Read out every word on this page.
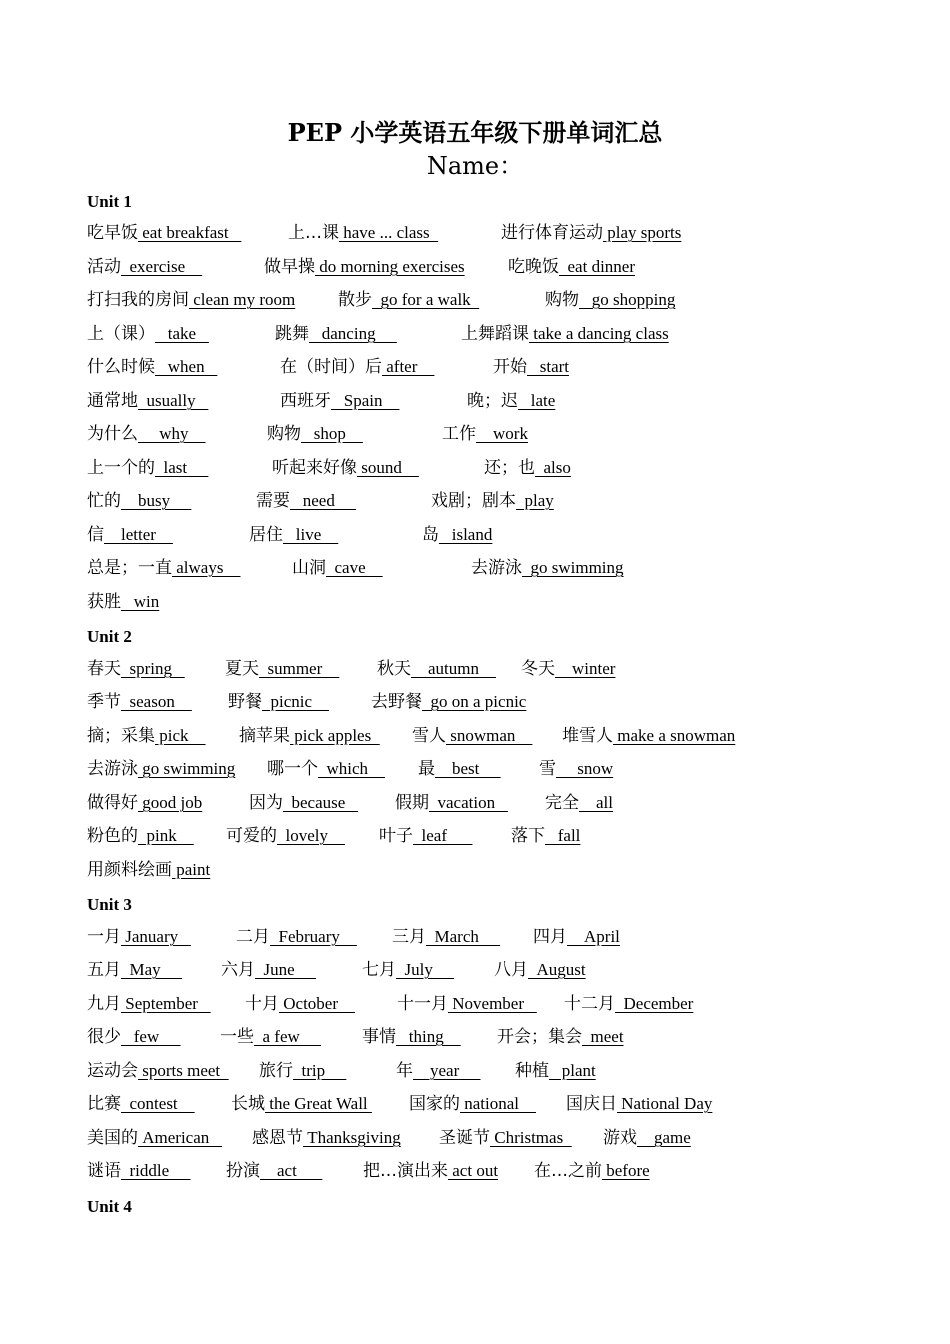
PEP 小学英语五年级下册单词汇总
Name：
Unit 1
吃早饭 eat breakfast	上…课 have ... class	进行体育运动 play sports
活动  exercise	做早操 do morning exercises	吃晚饭  eat dinner
打扫我的房间 clean my room	散步  go for a walk	购物   go shopping
上（课）   take	跳舞   dancing	上舞蹈课 take a dancing class
什么时候   when	在（时间）后 after	开始   start
通常地  usually	西班牙   Spain	晚；迟   late
为什么     why	购物   shop	工作    work
上一个的  last	听起来好像 sound	还；也  also
忙的    busy	需要   need	戏剧；剧本  play
信    letter	居住   live	岛   island
总是；一直 always	山洞  cave	去游泳  go swimming
获胜   win
Unit 2
春天  spring 夏天  summer 秋天    autumn 冬天    winter
季节  season 野餐  picnic 去野餐  go on a picnic
摘；采集 pick 摘苹果 pick apples 雪人 snowman 堆雪人 make a snowman
去游泳 go swimming 哪一个  which 最    best 雪     snow
做得好 good job	因为  because 假期  vacation 完全    all
粉色的  pink 可爱的  lovely 叶子  leaf 落下   fall
用颜料绘画 paint
Unit 3
一月 January	二月  February 三月  March 四月    April
五月  May 六月  June	七月  July 八月  August
九月 September 十月 October 十一月 November 十二月  December
很少   few 一些  a few 事情   thing 开会；集会  meet
运动会 sports meet 旅行  trip	年    year 种植   plant
比赛  contest 长城 the Great Wall 国家的 national 国庆日 National Day
美国的 American 感恩节 Thanksgiving 圣诞节 Christmas 游戏    game
谜语  riddle 扮演    act 把…演出来 act out 在…之前 before
Unit 4
